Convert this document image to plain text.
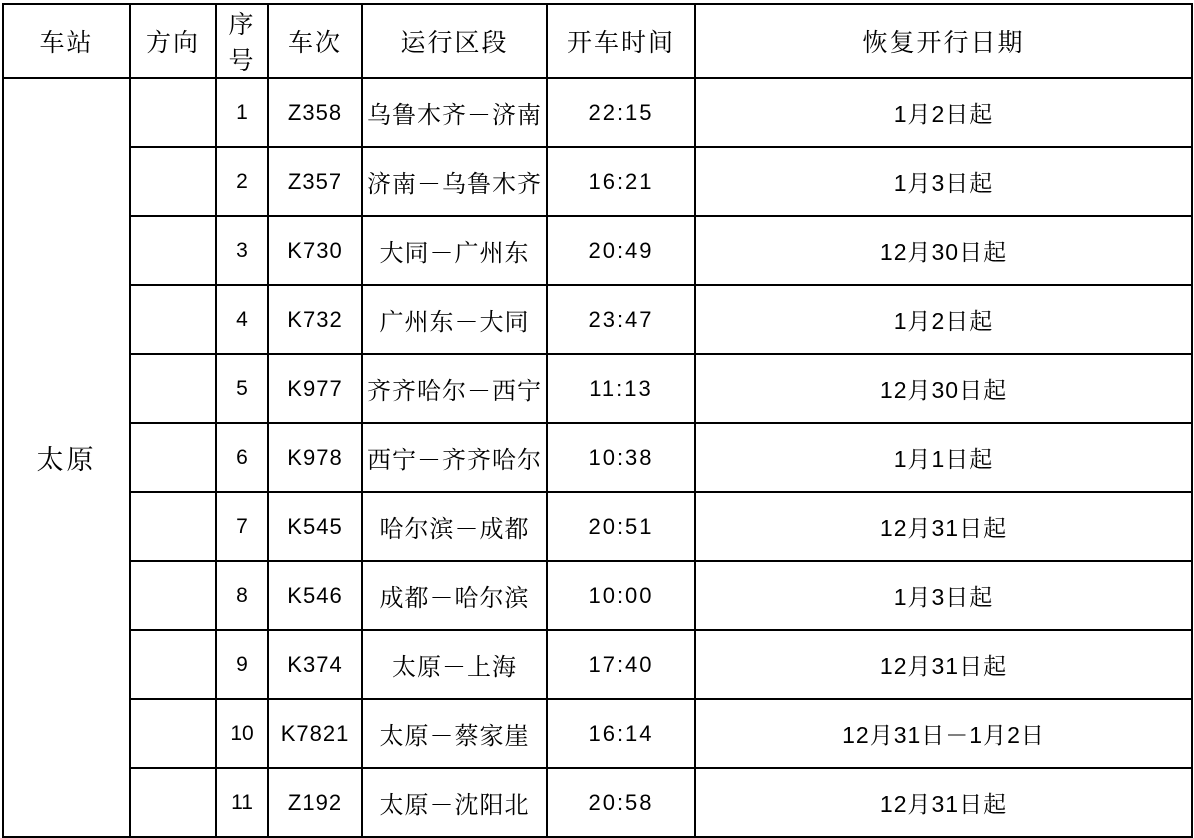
车站	方向	序号	车次	运行区段	开车时间	恢复开行日期
太原		1	Z358	乌鲁木齐－济南	22:15	1月2日起
		2	Z357	济南－乌鲁木齐	16:21	1月3日起
		3	K730	大同－广州东	20:49	12月30日起
		4	K732	广州东－大同	23:47	1月2日起
		5	K977	齐齐哈尔－西宁	11:13	12月30日起
		6	K978	西宁－齐齐哈尔	10:38	1月1日起
		7	K545	哈尔滨－成都	20:51	12月31日起
		8	K546	成都－哈尔滨	10:00	1月3日起
		9	K374	太原－上海	17:40	12月31日起
		10	K7821	太原－蔡家崖	16:14	12月31日－1月2日
		11	Z192	太原－沈阳北	20:58	12月31日起
